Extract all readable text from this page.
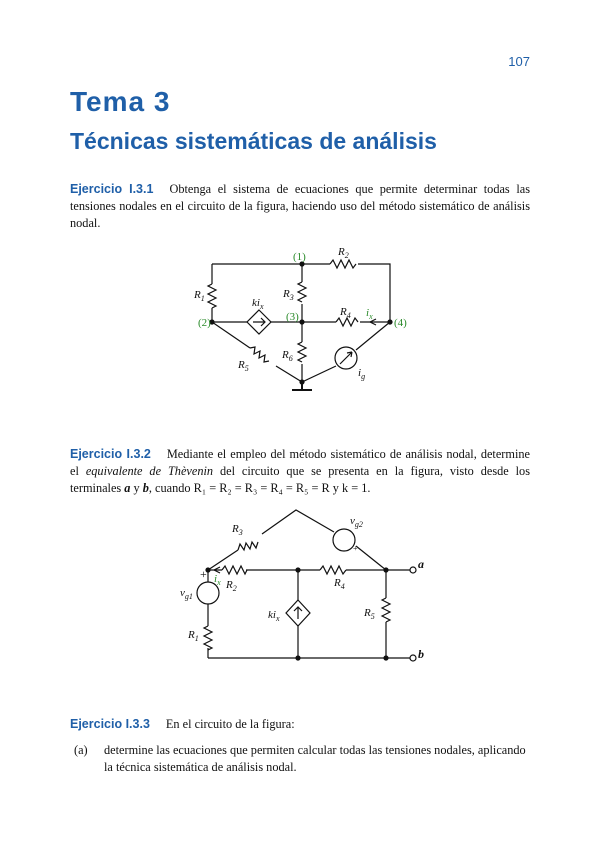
107
Tema 3
Técnicas sistemáticas de análisis
Ejercicio I.3.1 Obtenga el sistema de ecuaciones que permite determinar todas las tensiones nodales en el circuito de la figura, haciendo uso del método sistemático de análisis nodal.
(1)
(2)	(3)	(4)
$R_1$
$R_2$
$R_3$
$R_4$
$R_5$
$R_6$
$ki_x$
$i_x$
$i_g$
Ejercicio I.3.2 Mediante el empleo del método sistemático de análisis nodal, determine el equivalente de Thèvenin del circuito que se presenta en la figura, visto desde los terminales a y b, cuando R₁ = R₂ = R₃ = R₄ = R₅ = R y k = 1.
+
+
$R_3$
$v_{g2}$
$R_2$
$i_x$	$R_4$
a
b
$v_{g1}$
$R_1$
$ki_x$	$R_5$
Ejercicio I.3.3 En el circuito de la figura:
(a)	determine las ecuaciones que permiten calcular todas las tensiones nodales, aplicando la técnica sistemática de análisis nodal.
